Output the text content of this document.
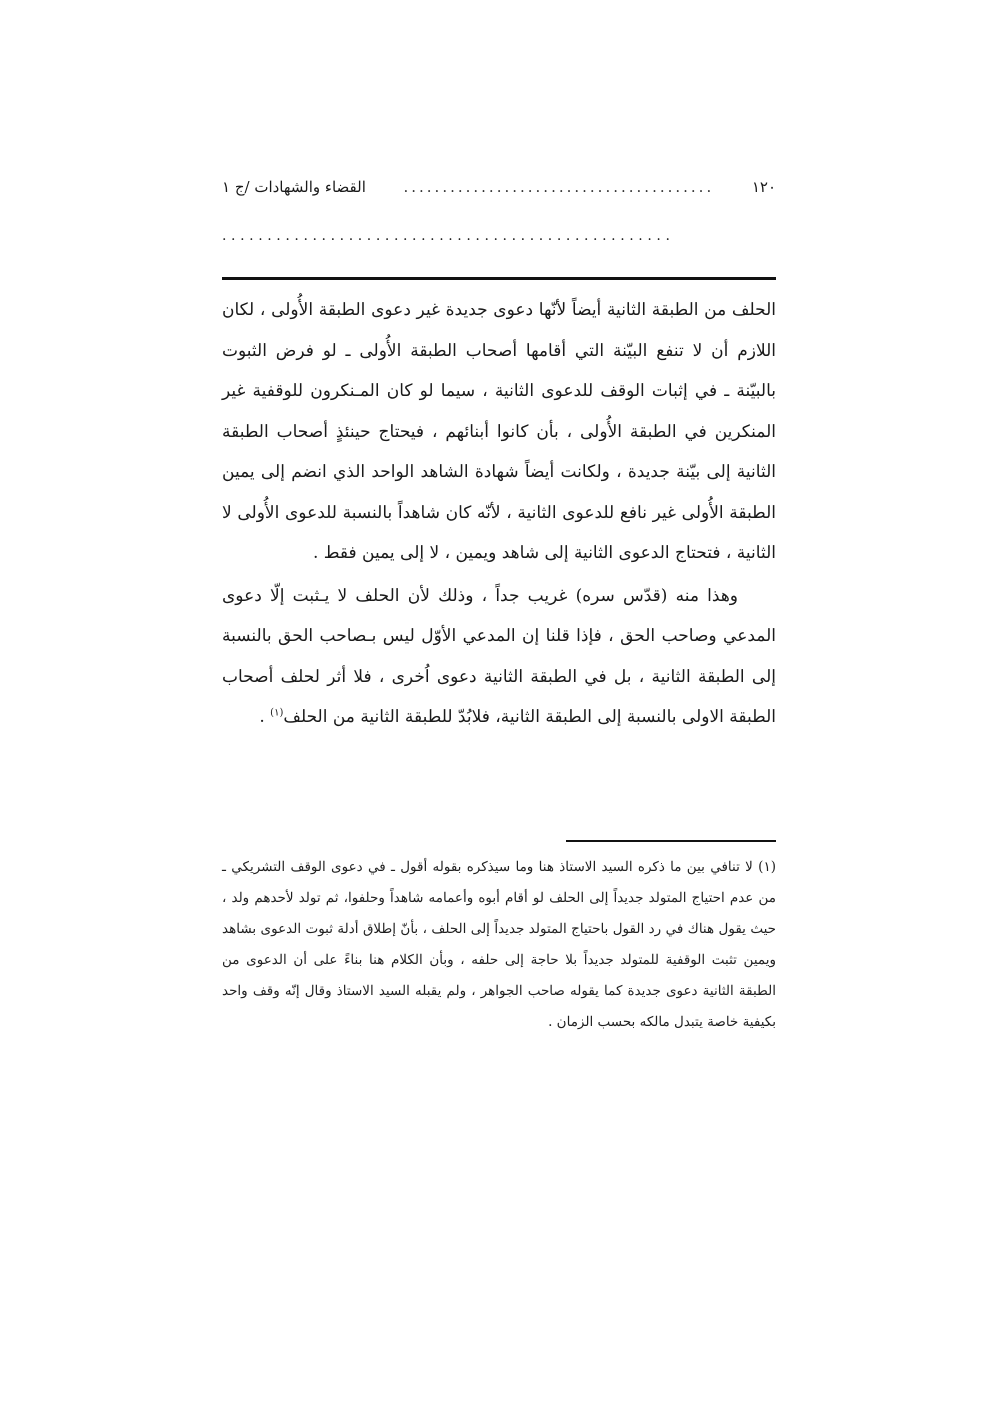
١٢٠
........................................
القضاء والشهادات /ج ١
..................................................

الحلف من الطبقة الثانية أيضاً لأنّها دعوى جديدة غير دعوى الطبقة الأُولى ، لكان اللازم أن لا تنفع البيّنة التي أقامها أصحاب الطبقة الأُولى ـ لو فرض الثبوت بالبيّنة ـ في إثبات الوقف للدعوى الثانية ، سيما لو كان المـنكرون للوقفية غير المنكرين في الطبقة الأُولى ، بأن كانوا أبنائهم ، فيحتاج حينئذٍ أصحاب الطبقة الثانية إلى بيّنة جديدة ، ولكانت أيضاً شهادة الشاهد الواحد الذي انضم إلى يمين الطبقة الأُولى غير نافع للدعوى الثانية ، لأنّه كان شاهداً بالنسبة للدعوى الأُولى لا الثانية ، فتحتاج الدعوى الثانية إلى شاهد ويمين ، لا إلى يمين فقط .

وهذا منه (قدّس سره) غريب جداً ، وذلك لأن الحلف لا يـثبت إلّا دعوى المدعي وصاحب الحق ، فإذا قلنا إن المدعي الأوّل ليس بـصاحب الحق بالنسبة إلى الطبقة الثانية ، بل في الطبقة الثانية دعوى اُخرى ، فلا أثر لحلف أصحاب الطبقة الاولى بالنسبة إلى الطبقة الثانية، فلابُدّ للطبقة الثانية من الحلف$^{(١)}$ .

(١) لا تنافي بين ما ذكره السيد الاستاذ هنا وما سيذكره بقوله أقول ـ في دعوى الوقف التشريكي ـ من عدم احتياج المتولد جديداً إلى الحلف لو أقام أبوه وأعمامه شاهداً وحلفوا، ثم تولد لأحدهم ولد ، حيث يقول هناك في رد القول باحتياج المتولد جديداً إلى الحلف ، بأنّ إطلاق أدلة ثبوت الدعوى بشاهد ويمين تثبت الوقفية للمتولد جديداً بلا حاجة إلى حلفه ، وبأن الكلام هنا بناءً على أن الدعوى من الطبقة الثانية دعوى جديدة كما يقوله صاحب الجواهر ، ولم يقبله السيد الاستاذ وقال إنّه وقف واحد بكيفية خاصة يتبدل مالكه بحسب الزمان .
